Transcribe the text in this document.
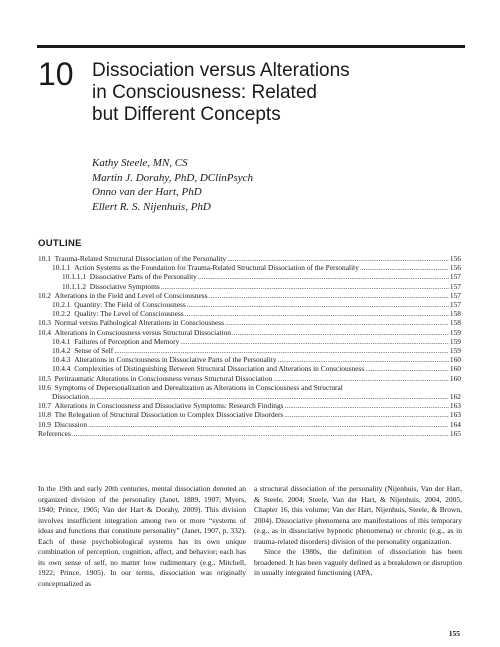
10 Dissociation versus Alterations
in Consciousness: Related
but Different Concepts
Kathy Steele, MN, CS
Martin J. Dorahy, PhD, DClinPsych
Onno van der Hart, PhD
Ellert R. S. Nijenhuis, PhD
OUTLINE
10.1 Trauma-Related Structural Dissociation of the Personality .....	156
10.1.1 Action Systems as the Foundation for Trauma-Related Structural Dissociation of the Personality .....	156
10.1.1.1 Dissociative Parts of the Personality .....	157
10.1.1.2 Dissociative Symptoms .....	157
10.2 Alterations in the Field and Level of Consciousness .....	157
10.2.1 Quantity: The Field of Consciousness .....	157
10.2.2 Quality: The Level of Consciousness .....	158
10.3 Normal versus Pathological Alterations in Consciousness .....	158
10.4 Alterations in Consciousness versus Structural Dissociation .....	159
10.4.1 Failures of Perception and Memory .....	159
10.4.2 Sense of Self .....	159
10.4.3 Alterations in Consciousness in Dissociative Parts of the Personality .....	160
10.4.4 Complexities of Distinguishing Between Structural Dissociation and Alterations in Consciousness .....	160
10.5 Peritraumatic Alterations in Consciousness versus Structural Dissociation .....	160
10.6 Symptoms of Depersonalization and Derealization as Alterations in Consciousness and Structural
Dissociation .....	162
10.7 Alterations in Consciousness and Dissociative Symptoms: Research Findings .....	163
10.8 The Relegation of Structural Dissociation to Complex Dissociative Disorders .....	163
10.9 Discussion .....	164
References .....	165

In the 19th and early 20th centuries, mental dissociation denoted an organized division of the personality (Janet, 1889, 1907; Myers, 1940; Prince, 1905; Van der Hart & Dorahy, 2009). This division involves insufficient integration among two or more “systems of ideas and functions that constitute personality” (Janet, 1907, p. 332). Each of these psychobiological systems has its own unique combination of perception, cognition, affect, and behavior; each has its own sense of self, no matter how rudimentary (e.g., Mitchell, 1922; Prince, 1905). In our terms, dissociation was originally conceptualized as

a structural dissociation of the personality (Nijenhuis, Van der Hart, & Steele, 2004; Steele, Van der Hart, & Nijenhuis, 2004, 2005, Chapter 16, this volume; Van der Hart, Nijenhuis, Steele, & Brown, 2004). Dissociative phenomena are manifestations of this temporary (e.g., as in dissociative hypnotic phenomena) or chronic (e.g., as in trauma-related disorders) division of the personality organization.

Since the 1980s, the definition of dissociation has been broadened. It has been vaguely defined as a breakdown or disruption in usually integrated functioning (APA,

155
